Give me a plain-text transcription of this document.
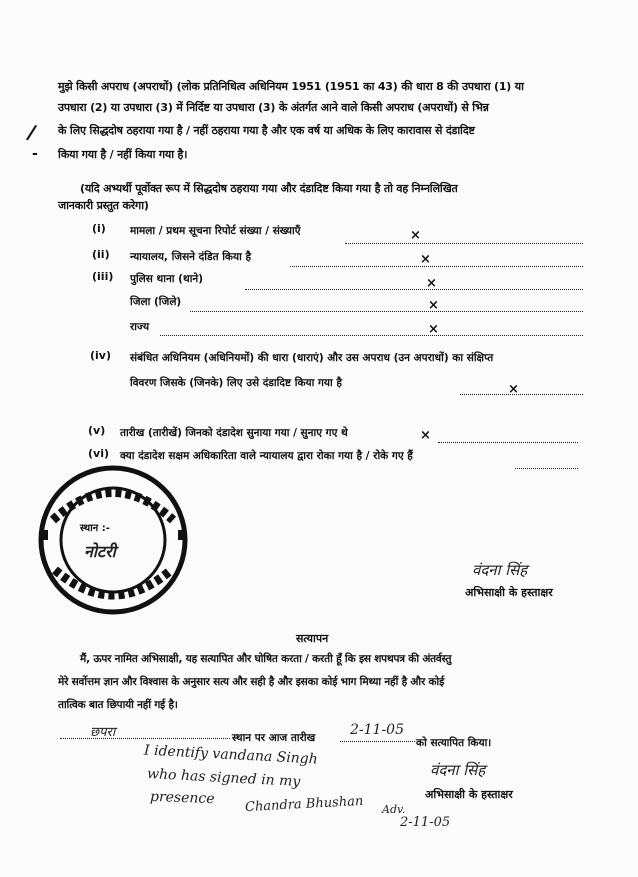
/
-
मुझे किसी अपराध (अपराधों) (लोक प्रतिनिधित्व अधिनियम 1951 (1951 का 43) की धारा 8 की उपधारा (1) या
उपधारा (2) या उपधारा (3) में निर्दिष्ट या उपधारा (3) के अंतर्गत आने वाले किसी अपराध (अपराधों) से भिन्न
के लिए सिद्धदोष ठहराया गया है / नहीं ठहराया गया है और एक वर्ष या अधिक के लिए कारावास से दंडादिष्ट
किया गया है / नहीं किया गया है।
(यदि अभ्यर्थी पूर्वोक्त रूप में सिद्धदोष ठहराया गया और दंडादिष्ट किया गया है तो वह निम्नलिखित
जानकारी प्रस्तुत करेगा)
(i) मामला / प्रथम सूचना रिपोर्ट संख्या / संख्याएँ	×
(ii) न्यायालय, जिसने दंडित किया है	×
(iii) पुलिस थाना (थाने)	×
जिला (जिले)	×
राज्य	×
(iv) संबंधित अधिनियम (अधिनियमों) की धारा (धाराएं) और उस अपराध (उन अपराधों) का संक्षिप्त
विवरण जिसके (जिनके) लिए उसे दंडादिष्ट किया गया है	×
(v) तारीख (तारीखें) जिनको दंडादेश सुनाया गया / सुनाए गए थे	×
(vi) क्या दंडादेश सक्षम अधिकारिता वाले न्यायालय द्वारा रोका गया है / रोके गए हैं
स्थान :-
नोटरी
वंदना सिंह
अभिसाक्षी के हस्ताक्षर
सत्यापन
मैं, ऊपर नामित अभिसाक्षी, यह सत्यापित और घोषित करता / करती हूँ कि इस शपथपत्र की अंतर्वस्तु
मेरे सर्वोत्तम ज्ञान और विश्वास के अनुसार सत्य और सही है और इसका कोई भाग मिथ्या नहीं है और कोई
तात्विक बात छिपायी नहीं गई है।
छपरा	स्थान पर आज तारीख 2-11-05
को सत्यापित किया।
I identify vandana Singh
who has signed in my
presence Chandra Bhushan Adv.
2-11-05
वंदना सिंह
अभिसाक्षी के हस्ताक्षर
